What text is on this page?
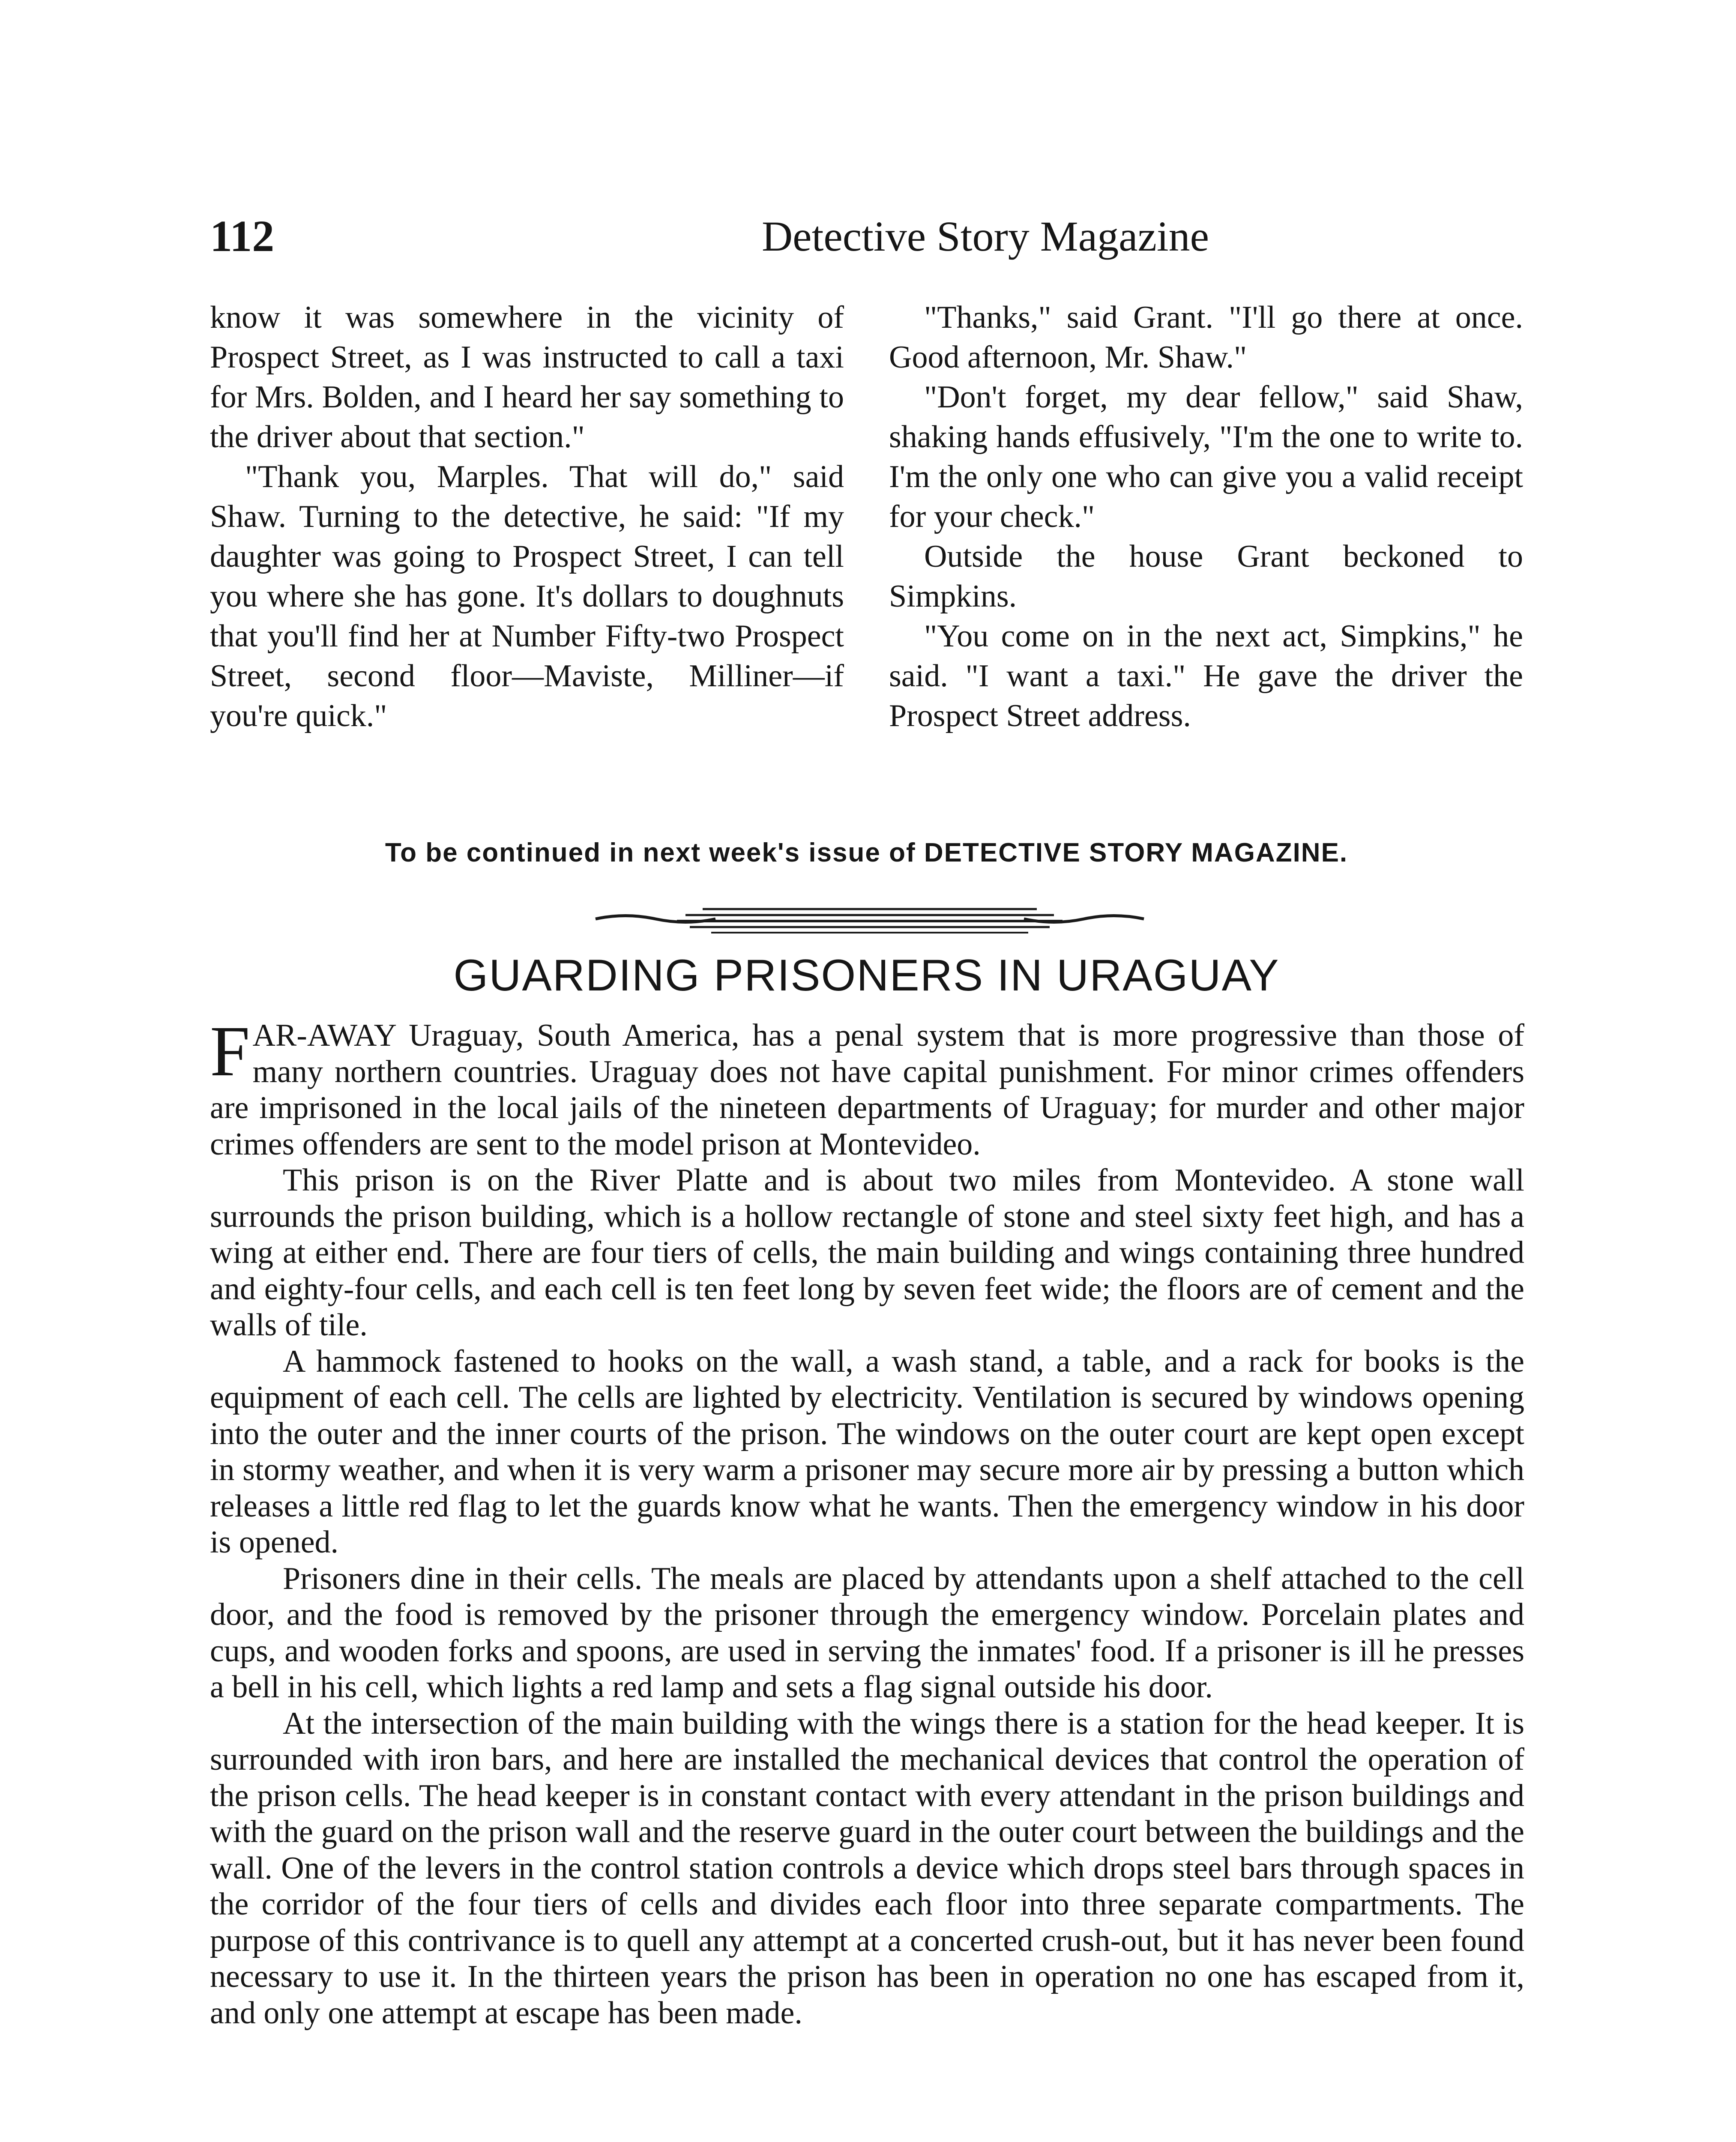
112	Detective Story Magazine

know it was somewhere in the vicinity of Prospect Street, as I was instructed to call a taxi for Mrs. Bolden, and I heard her say something to the driver about that section."

"Thank you, Marples. That will do," said Shaw. Turning to the detective, he said: "If my daughter was going to Prospect Street, I can tell you where she has gone. It's dollars to doughnuts that you'll find her at Number Fifty-two Prospect Street, second floor—Maviste, Milliner—if you're quick."

"Thanks," said Grant. "I'll go there at once. Good afternoon, Mr. Shaw."

"Don't forget, my dear fellow," said Shaw, shaking hands effusively, "I'm the one to write to. I'm the only one who can give you a valid receipt for your check."

Outside the house Grant beckoned to Simpkins.

"You come on in the next act, Simpkins," he said. "I want a taxi." He gave the driver the Prospect Street address.

To be continued in next week's issue of DETECTIVE STORY MAGAZINE.
GUARDING PRISONERS IN URAGUAY

FAR-AWAY Uraguay, South America, has a penal system that is more progressive than those of many northern countries. Uraguay does not have capital punishment. For minor crimes offenders are imprisoned in the local jails of the nineteen departments of Uraguay; for murder and other major crimes offenders are sent to the model prison at Montevideo.

This prison is on the River Platte and is about two miles from Montevideo. A stone wall surrounds the prison building, which is a hollow rectangle of stone and steel sixty feet high, and has a wing at either end. There are four tiers of cells, the main building and wings containing three hundred and eighty-four cells, and each cell is ten feet long by seven feet wide; the floors are of cement and the walls of tile.

A hammock fastened to hooks on the wall, a wash stand, a table, and a rack for books is the equipment of each cell. The cells are lighted by electricity. Ventilation is secured by windows opening into the outer and the inner courts of the prison. The windows on the outer court are kept open except in stormy weather, and when it is very warm a prisoner may secure more air by pressing a button which releases a little red flag to let the guards know what he wants. Then the emergency window in his door is opened.

Prisoners dine in their cells. The meals are placed by attendants upon a shelf attached to the cell door, and the food is removed by the prisoner through the emergency window. Porcelain plates and cups, and wooden forks and spoons, are used in serving the inmates' food. If a prisoner is ill he presses a bell in his cell, which lights a red lamp and sets a flag signal outside his door.

At the intersection of the main building with the wings there is a station for the head keeper. It is surrounded with iron bars, and here are installed the mechanical devices that control the operation of the prison cells. The head keeper is in constant contact with every attendant in the prison buildings and with the guard on the prison wall and the reserve guard in the outer court between the buildings and the wall. One of the levers in the control station controls a device which drops steel bars through spaces in the corridor of the four tiers of cells and divides each floor into three separate compartments. The purpose of this contrivance is to quell any attempt at a concerted crush-out, but it has never been found necessary to use it. In the thirteen years the prison has been in operation no one has escaped from it, and only one attempt at escape has been made.
